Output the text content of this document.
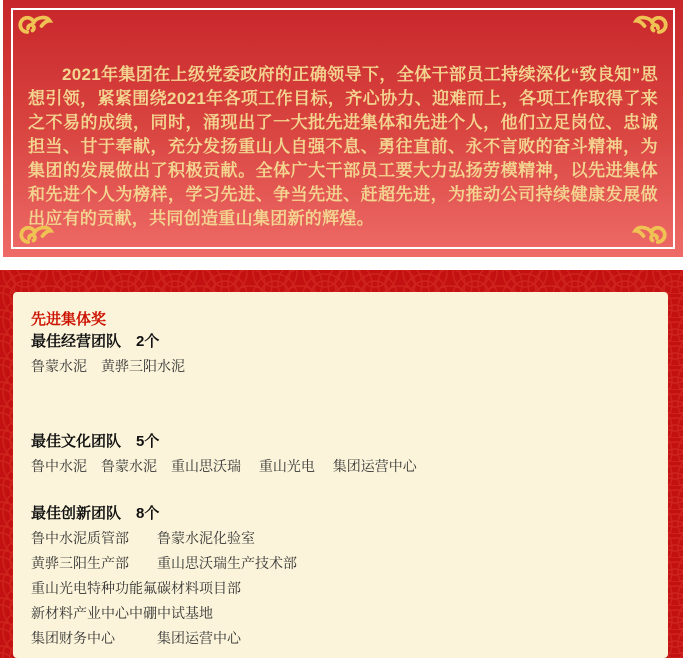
2021年集团在上级党委政府的正确领导下，全体干部员工持续深化“致良知”思想引领，紧紧围绕2021年各项工作目标，齐心协力、迎难而上，各项工作取得了来之不易的成绩，同时，涌现出了一大批先进集体和先进个人，他们立足岗位、忠诚担当、甘于奉献，充分发扬重山人自强不息、勇往直前、永不言败的奋斗精神，为集团的发展做出了积极贡献。全体广大干部员工要大力弘扬劳模精神，以先进集体和先进个人为榜样，学习先进、争当先进、赶超先进，为推动公司持续健康发展做出应有的贡献，共同创造重山集团新的辉煌。

先进集体奖
最佳经营团队　2个
鲁蒙水泥　黄骅三阳水泥
最佳文化团队　5个
鲁中水泥　鲁蒙水泥　重山思沃瑞　 重山光电　 集团运营中心
最佳创新团队　8个
鲁中水泥质管部　　鲁蒙水泥化验室
黄骅三阳生产部　　重山思沃瑞生产技术部
重山光电特种功能氟碳材料项目部
新材料产业中心中硼中试基地
集团财务中心　　　集团运营中心
